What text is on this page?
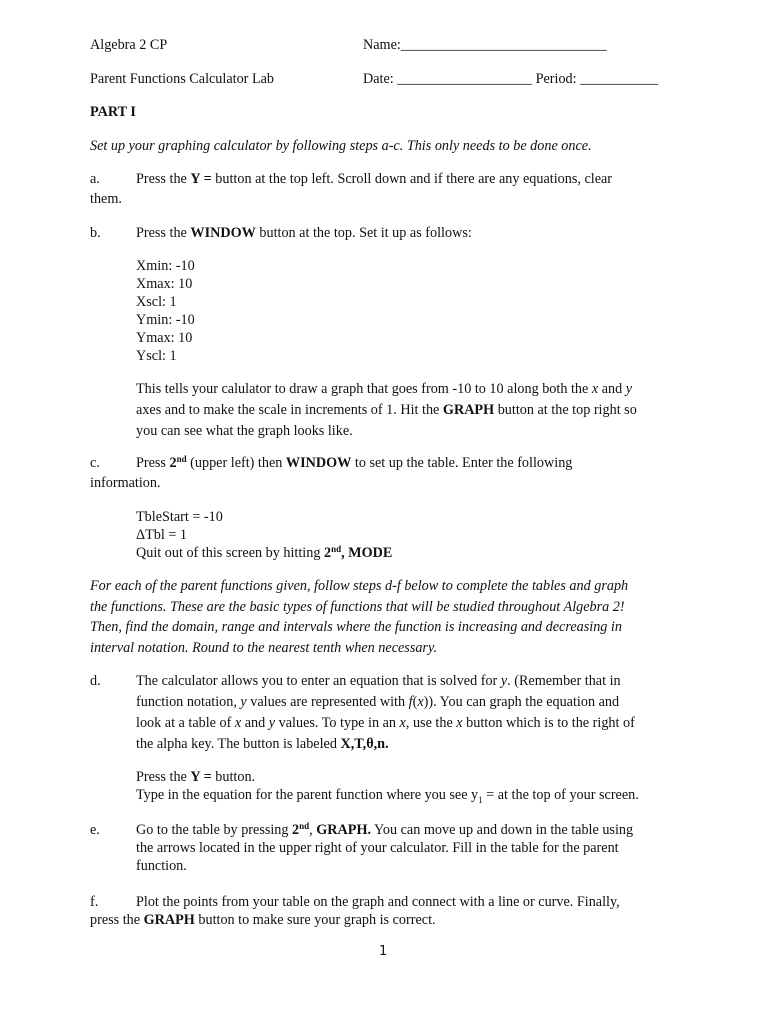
Algebra 2 CP	Name:_____________________________
Parent Functions Calculator Lab	Date: ___________________ Period: ___________
PART I
Set up your graphing calculator by following steps a-c. This only needs to be done once.
a.	Press the Y = button at the top left. Scroll down and if there are any equations, clear
them.
b. Press the WINDOW button at the top. Set it up as follows:
Xmin: -10
Xmax: 10
Xscl: 1
Ymin: -10
Ymax: 10
Yscl: 1
This tells your calulator to draw a graph that goes from -10 to 10 along both the x and y
axes and to make the scale in increments of 1. Hit the GRAPH button at the top right so
you can see what the graph looks like.
c.	Press 2nd (upper left) then WINDOW to set up the table. Enter the following
information.
TbleStart = -10
ΔTbl = 1
Quit out of this screen by hitting 2nd, MODE
For each of the parent functions given, follow steps d-f below to complete the tables and graph
the functions. These are the basic types of functions that will be studied throughout Algebra 2!
Then, find the domain, range and intervals where the function is increasing and decreasing in
interval notation. Round to the nearest tenth when necessary.
d. The calculator allows you to enter an equation that is solved for y. (Remember that in
function notation, y values are represented with f(x)). You can graph the equation and
look at a table of x and y values. To type in an x, use the x button which is to the right of
the alpha key. The button is labeled X,T,θ,n.
Press the Y = button.
Type in the equation for the parent function where you see $y_1$ = at the top of your screen.
e.	Go to the table by pressing 2nd, GRAPH. You can move up and down in the table using
the arrows located in the upper right of your calculator. Fill in the table for the parent
function.
f.	Plot the points from your table on the graph and connect with a line or curve. Finally,
press the GRAPH button to make sure your graph is correct.
1
